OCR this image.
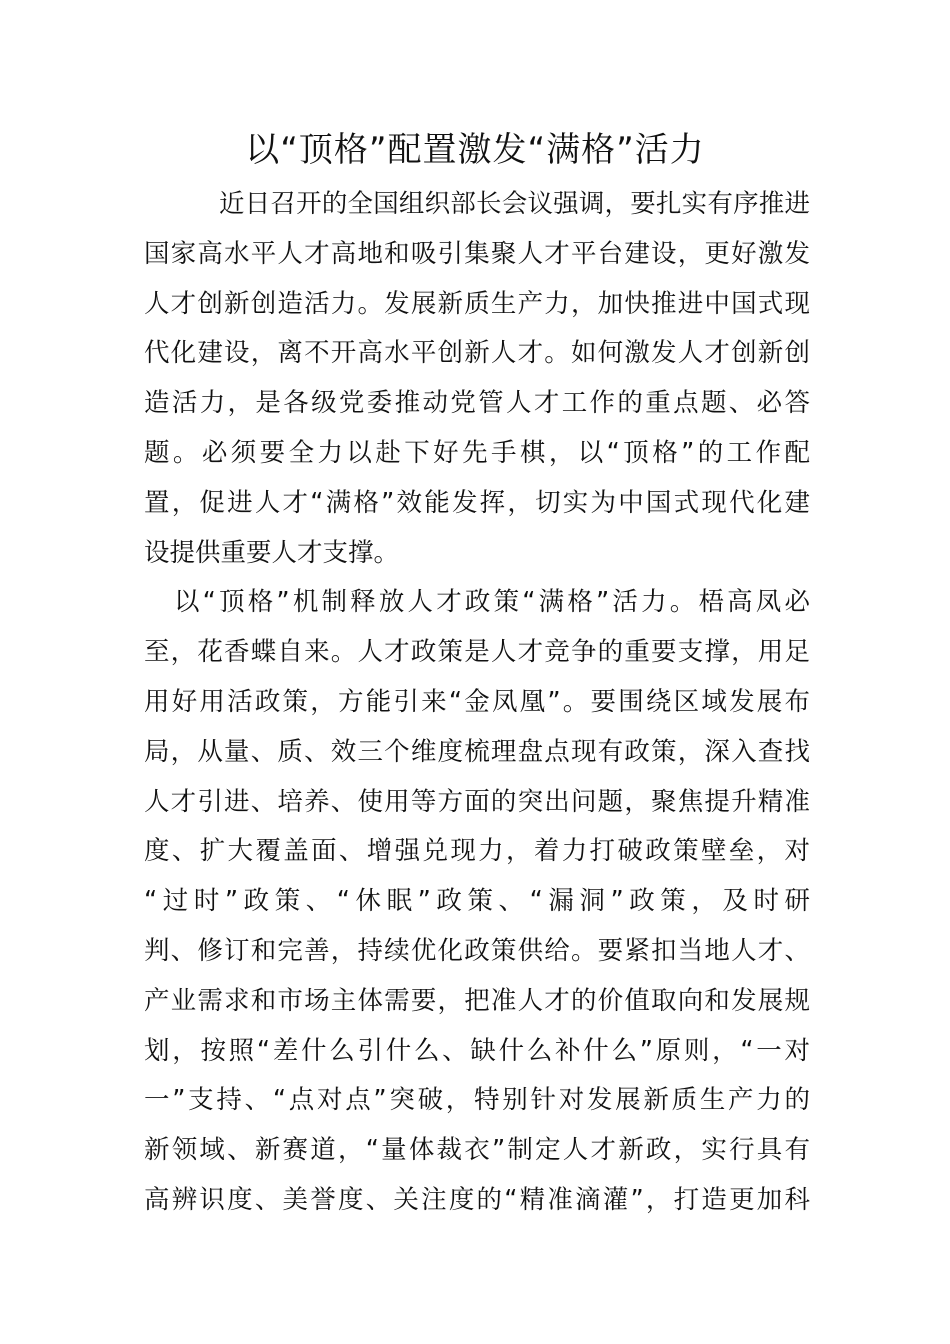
以“顶格”配置激发“满格”活力
近日召开的全国组织部长会议强调，要扎实有序推进
国家高水平人才高地和吸引集聚人才平台建设，更好激发
人才创新创造活力。发展新质生产力，加快推进中国式现
代化建设，离不开高水平创新人才。如何激发人才创新创
造活力，是各级党委推动党管人才工作的重点题、必答
题。必须要全力以赴下好先手棋，以“顶格”的工作配
置，促进人才“满格”效能发挥，切实为中国式现代化建
设提供重要人才支撑。
以“顶格”机制释放人才政策“满格”活力。梧高凤必
至，花香蝶自来。人才政策是人才竞争的重要支撑，用足
用好用活政策，方能引来“金凤凰”。要围绕区域发展布
局，从量、质、效三个维度梳理盘点现有政策，深入查找
人才引进、培养、使用等方面的突出问题，聚焦提升精准
度、扩大覆盖面、增强兑现力，着力打破政策壁垒，对
“过时”政策、“休眠”政策、“漏洞”政策，及时研
判、修订和完善，持续优化政策供给。要紧扣当地人才、
产业需求和市场主体需要，把准人才的价值取向和发展规
划，按照“差什么引什么、缺什么补什么”原则，“一对
一”支持、“点对点”突破，特别针对发展新质生产力的
新领域、新赛道，“量体裁衣”制定人才新政，实行具有
高辨识度、美誉度、关注度的“精准滴灌”，打造更加科
